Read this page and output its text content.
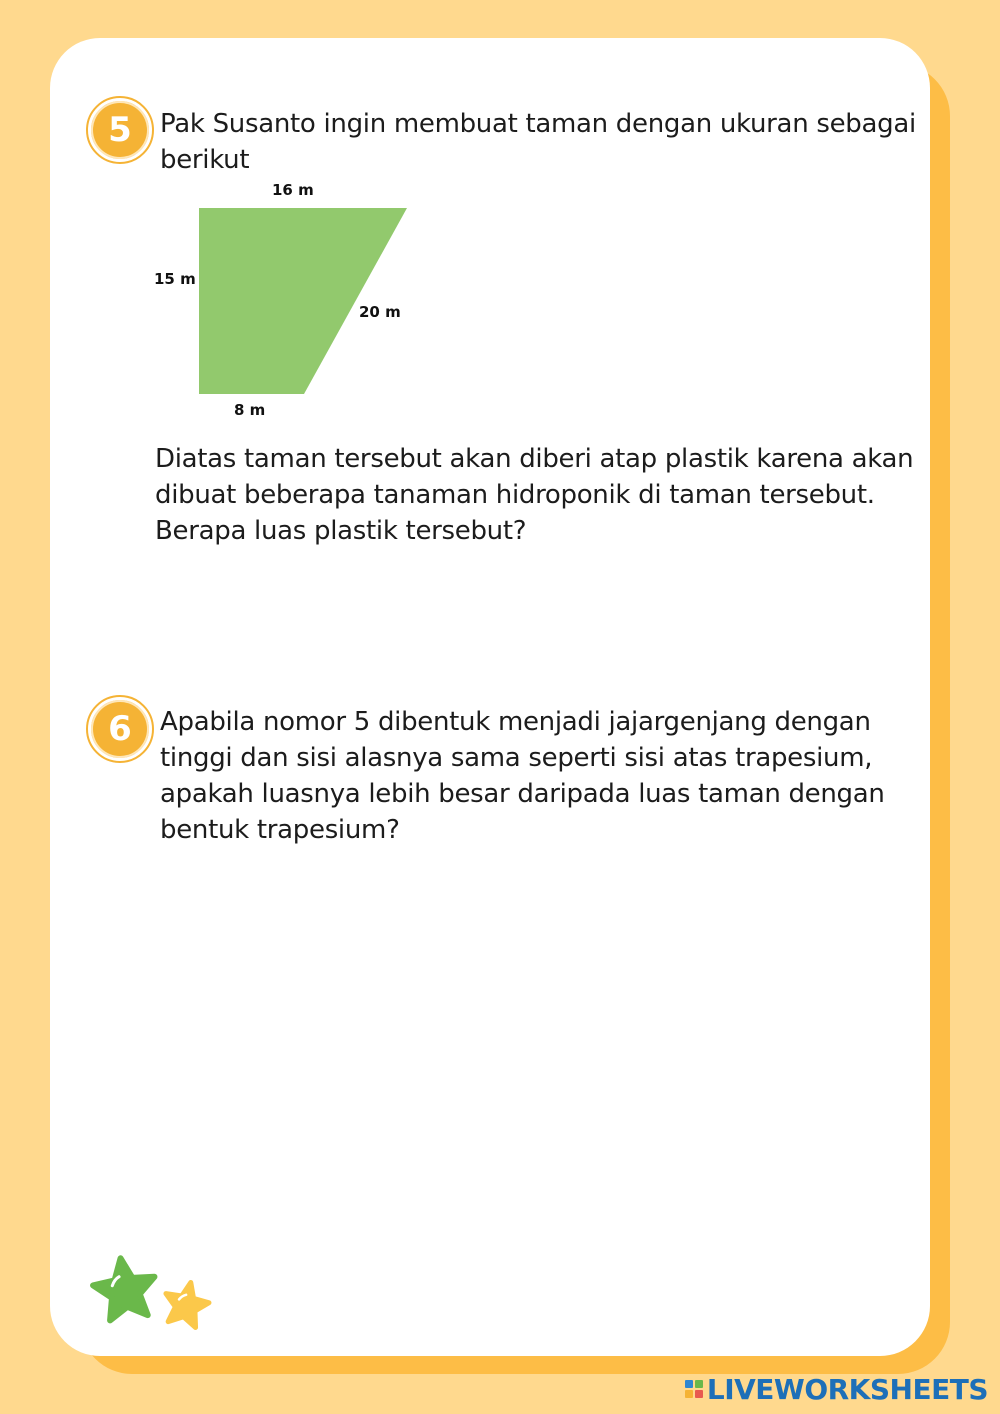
5 Pak Susanto ingin membuat taman dengan ukuran sebagai
berikut
16 m
15 m
20 m
8 m
Diatas taman tersebut akan diberi atap plastik karena akan
dibuat beberapa tanaman hidroponik di taman tersebut.
Berapa luas plastik tersebut?
6 Apabila nomor 5 dibentuk menjadi jajargenjang dengan
tinggi dan sisi alasnya sama seperti sisi atas trapesium,
apakah luasnya lebih besar daripada luas taman dengan
bentuk trapesium?
LIVEWORKSHEETS
